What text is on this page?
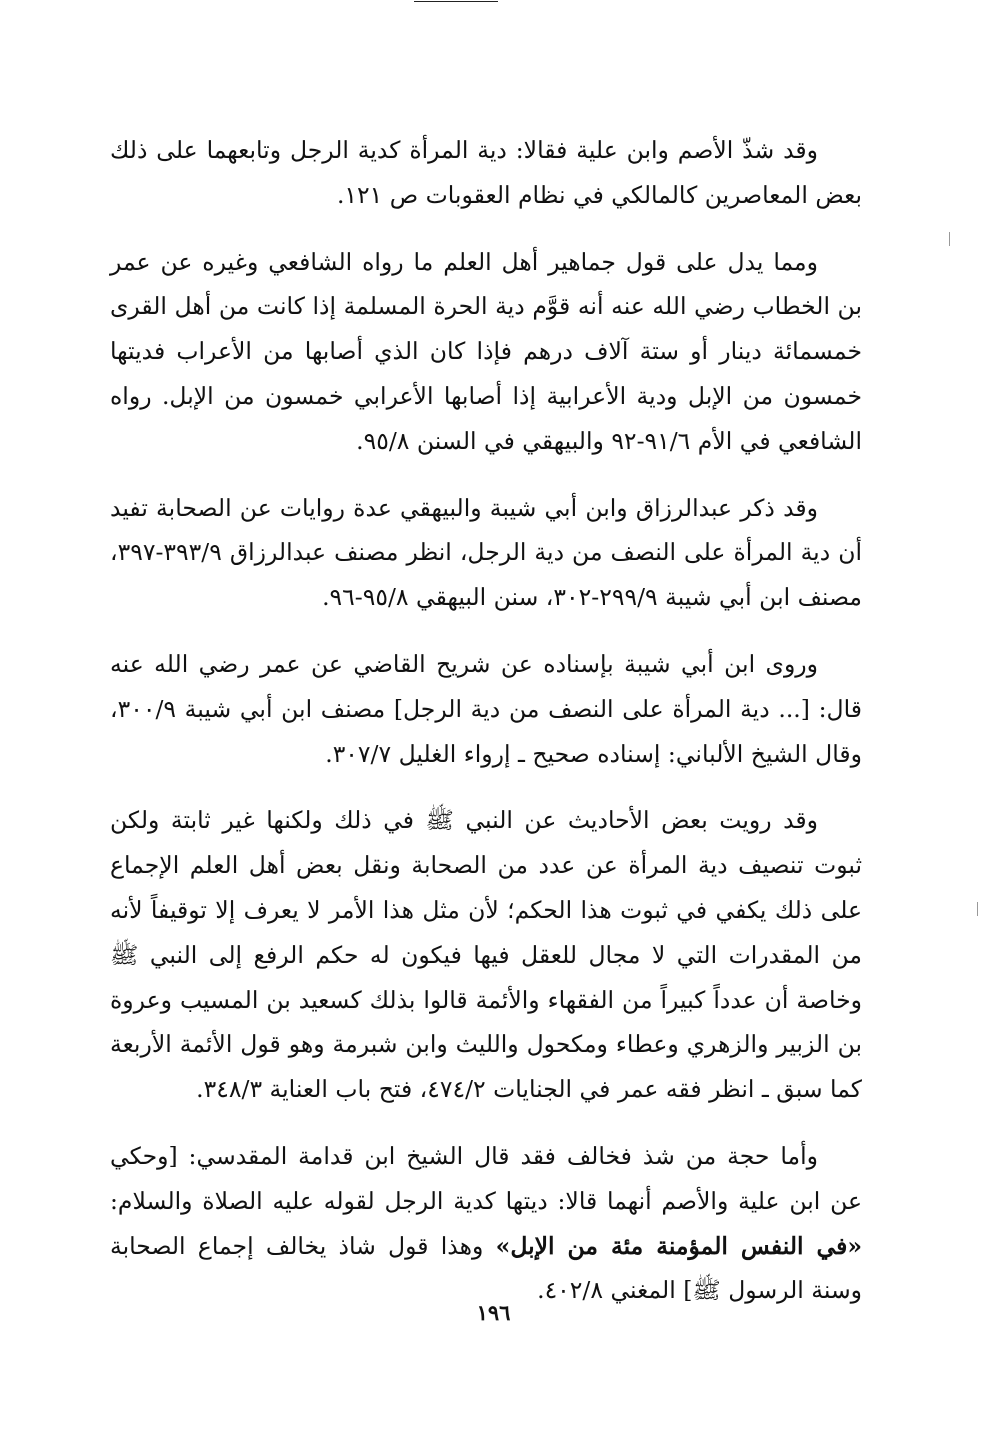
وقد شذّ الأصم وابن علية فقالا: دية المرأة كدية الرجل وتابعهما على ذلك بعض المعاصرين كالمالكي في نظام العقوبات ص ١٢١.

ومما يدل على قول جماهير أهل العلم ما رواه الشافعي وغيره عن عمر بن الخطاب رضي الله عنه أنه قوَّم دية الحرة المسلمة إذا كانت من أهل القرى خمسمائة دينار أو ستة آلاف درهم فإذا كان الذي أصابها من الأعراب فديتها خمسون من الإبل ودية الأعرابية إذا أصابها الأعرابي خمسون من الإبل. رواه الشافعي في الأم ٩١/٦-٩٢ والبيهقي في السنن ٩٥/٨.

وقد ذكر عبدالرزاق وابن أبي شيبة والبيهقي عدة روايات عن الصحابة تفيد أن دية المرأة على النصف من دية الرجل، انظر مصنف عبدالرزاق ٣٩٣/٩-٣٩٧، مصنف ابن أبي شيبة ٢٩٩/٩-٣٠٢، سنن البيهقي ٩٥/٨-٩٦.

وروى ابن أبي شيبة بإسناده عن شريح القاضي عن عمر رضي الله عنه قال: [... دية المرأة على النصف من دية الرجل] مصنف ابن أبي شيبة ٣٠٠/٩، وقال الشيخ الألباني: إسناده صحيح ـ إرواء الغليل ٣٠٧/٧.

وقد رويت بعض الأحاديث عن النبي ﷺ في ذلك ولكنها غير ثابتة ولكن ثبوت تنصيف دية المرأة عن عدد من الصحابة ونقل بعض أهل العلم الإجماع على ذلك يكفي في ثبوت هذا الحكم؛ لأن مثل هذا الأمر لا يعرف إلا توقيفاً لأنه من المقدرات التي لا مجال للعقل فيها فيكون له حكم الرفع إلى النبي ﷺ وخاصة أن عدداً كبيراً من الفقهاء والأئمة قالوا بذلك كسعيد بن المسيب وعروة بن الزبير والزهري وعطاء ومكحول والليث وابن شبرمة وهو قول الأئمة الأربعة كما سبق ـ انظر فقه عمر في الجنايات ٤٧٤/٢، فتح باب العناية ٣٤٨/٣.

وأما حجة من شذ فخالف فقد قال الشيخ ابن قدامة المقدسي: [وحكي عن ابن علية والأصم أنهما قالا: ديتها كدية الرجل لقوله عليه الصلاة والسلام: «في النفس المؤمنة مئة من الإبل» وهذا قول شاذ يخالف إجماع الصحابة وسنة الرسول ﷺ] المغني ٤٠٢/٨.

١٩٦
